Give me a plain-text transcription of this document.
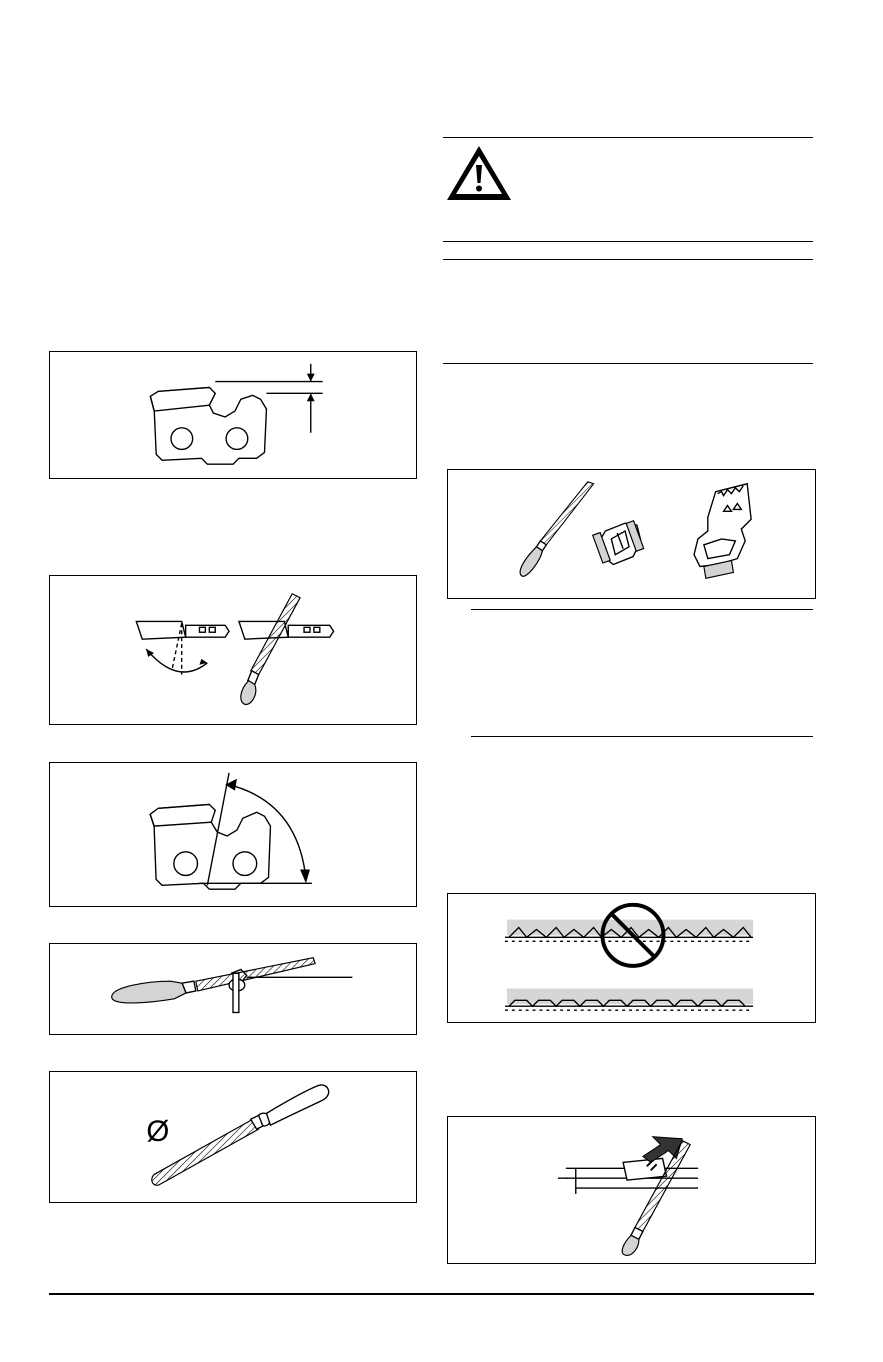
Ø
